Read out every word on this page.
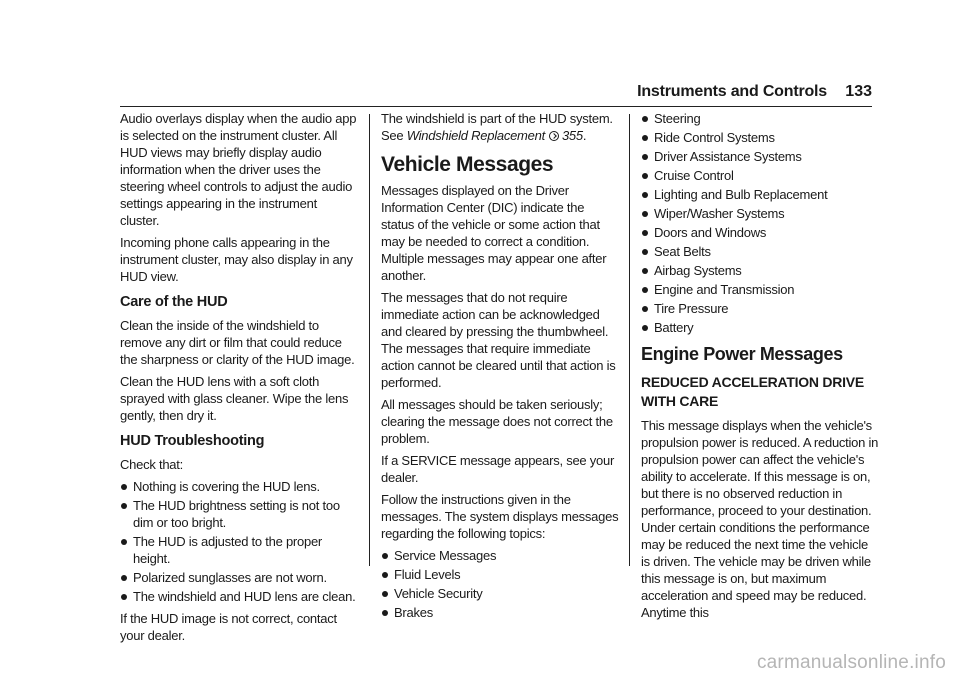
Instruments and Controls 133

Audio overlays display when the audio app is selected on the instrument cluster. All HUD views may briefly display audio information when the driver uses the steering wheel controls to adjust the audio settings appearing in the instrument cluster.

Incoming phone calls appearing in the instrument cluster, may also display in any HUD view.

Care of the HUD

Clean the inside of the windshield to remove any dirt or film that could reduce the sharpness or clarity of the HUD image.

Clean the HUD lens with a soft cloth sprayed with glass cleaner. Wipe the lens gently, then dry it.

HUD Troubleshooting

Check that:

Nothing is covering the HUD lens.
The HUD brightness setting is not too dim or too bright.
The HUD is adjusted to the proper height.
Polarized sunglasses are not worn.
The windshield and HUD lens are clean.

If the HUD image is not correct, contact your dealer.

The windshield is part of the HUD system. See Windshield Replacement 355.

Vehicle Messages

Messages displayed on the Driver Information Center (DIC) indicate the status of the vehicle or some action that may be needed to correct a condition. Multiple messages may appear one after another.

The messages that do not require immediate action can be acknowledged and cleared by pressing the thumbwheel. The messages that require immediate action cannot be cleared until that action is performed.

All messages should be taken seriously; clearing the message does not correct the problem.

If a SERVICE message appears, see your dealer.

Follow the instructions given in the messages. The system displays messages regarding the following topics:

Service Messages
Fluid Levels
Vehicle Security
Brakes
Steering
Ride Control Systems
Driver Assistance Systems
Cruise Control
Lighting and Bulb Replacement
Wiper/Washer Systems
Doors and Windows
Seat Belts
Airbag Systems
Engine and Transmission
Tire Pressure
Battery
Engine Power Messages
REDUCED ACCELERATION DRIVE
WITH CARE

This message displays when the vehicle's propulsion power is reduced. A reduction in propulsion power can affect the vehicle's ability to accelerate. If this message is on, but there is no observed reduction in performance, proceed to your destination. Under certain conditions the performance may be reduced the next time the vehicle is driven. The vehicle may be driven while this message is on, but maximum acceleration and speed may be reduced. Anytime this

carmanualsonline.info
